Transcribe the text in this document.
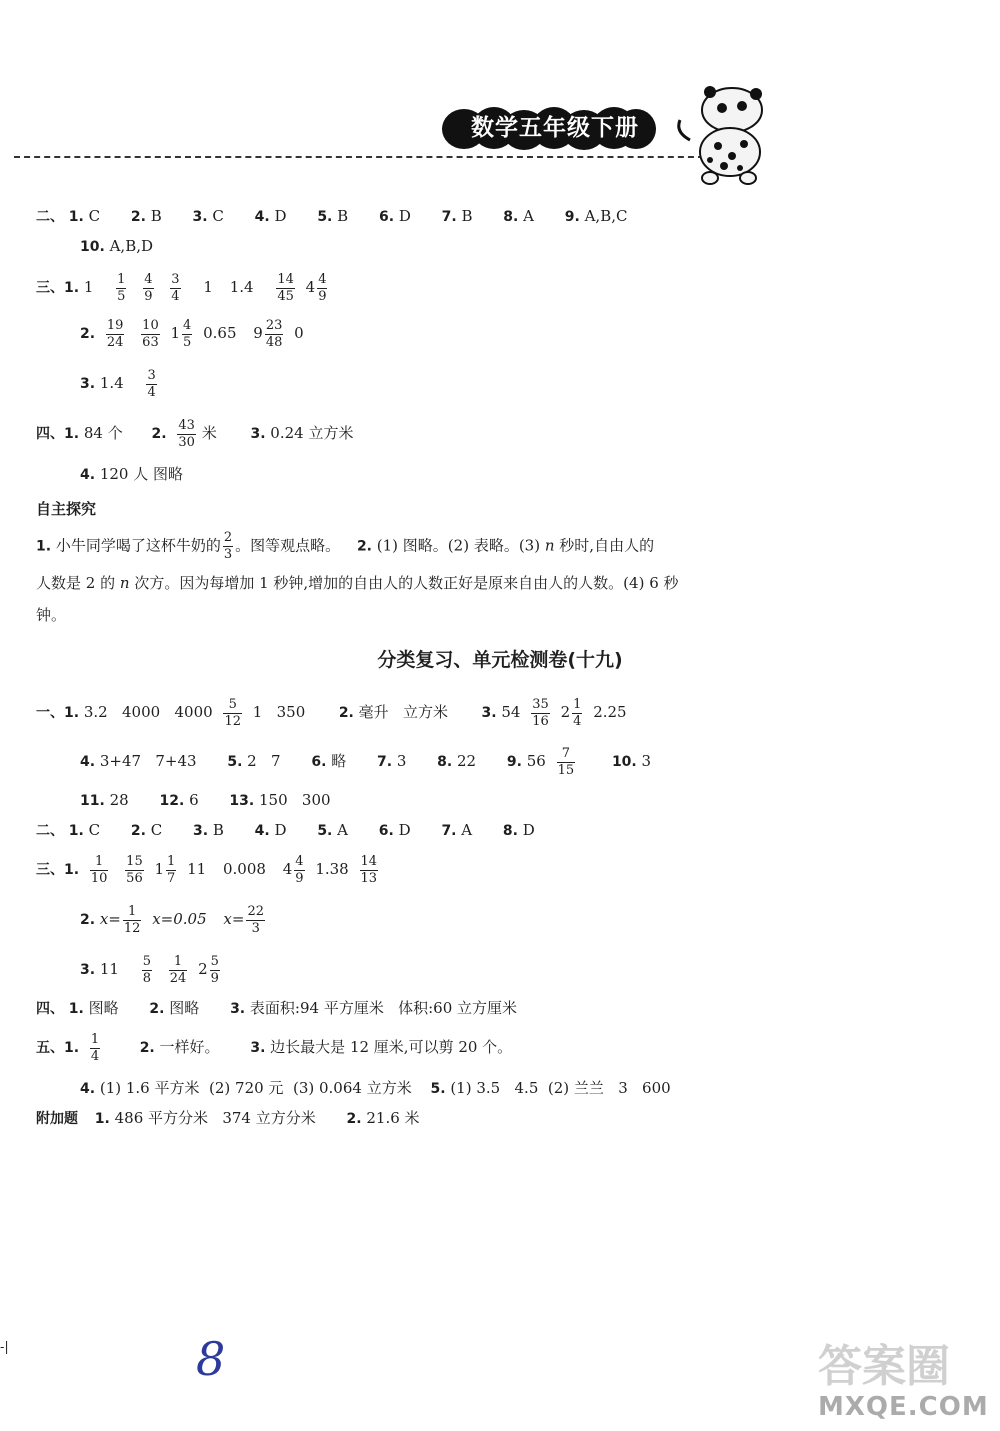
数学五年级下册
二、 1. C 2. B 3. C 4. D 5. B 6. D 7. B 8. A 9. A,B,C
10. A,B,D
三、1. $1 \frac{1}{5}$
$\frac{4}{9}$
$\frac{3}{4} 1$ $1.4 \frac{14}{45} 4 \frac{4}{9}$
2. $\frac{19}{24}$
$\frac{10}{63} 1 \frac{4}{5} 0.65$ $9 \frac{23}{48} 0$
3. $1.4 \frac{3}{4}$
四、1. 84 个 2. $\frac{43}{30}$ 米 3. 0.24 立方米
4. 120 人 图略
自主探究
1. 小牛同学喝了这杯牛奶的 $\frac{2}{3}$ 。图等观点略。 2. (1) 图略。(2) 表略。(3) n 秒时,自由人的
人数是 2 的 n 次方。因为每增加 1 秒钟,增加的自由人的人数正好是原来自由人的人数。(4) 6 秒
钟。
分类复习、单元检测卷(十九)
一、1. 3.2   4000   $4000 \frac{5}{12} 1$   350 2. 毫升   立方米 3. $54 \frac{35}{16} 2 \frac{1}{4} 2.25$
4. 3+47   7+43 5. 2   7 6. 略 7. 3 8. 22 9. $56 \frac{7}{15}$	10. 3
11. 28 12. 6 13. 150   300
二、 1. C 2. C 3. B 4. D 5. A 6. D 7. A 8. D
三、1. $\frac{1}{10}$
$\frac{15}{56} 1 \frac{1}{7} 11$ 0.008 $4 \frac{4}{9} 1.38 \frac{14}{13}$
2. $x= \frac{1}{12} x=0.05$ $x= \frac{22}{3}$
3. $11 \frac{5}{8}$
$\frac{1}{24} 2 \frac{5}{9}$
四、 1. 图略 2. 图略 3. 表面积:94 平方厘米   体积:60 立方厘米
五、1. $\frac{1}{4}$	2. 一样好。 3. 边长最大是 12 厘米,可以剪 20 个。
4. (1) 1.6 平方米  (2) 720 元  (3) 0.064 立方米 5. (1) 3.5   4.5  (2) 兰兰   3   600
附加题 1. 486 平方分米   374 立方分米 2. 21.6 米
-|	8	答案圈
MXQE.COM
